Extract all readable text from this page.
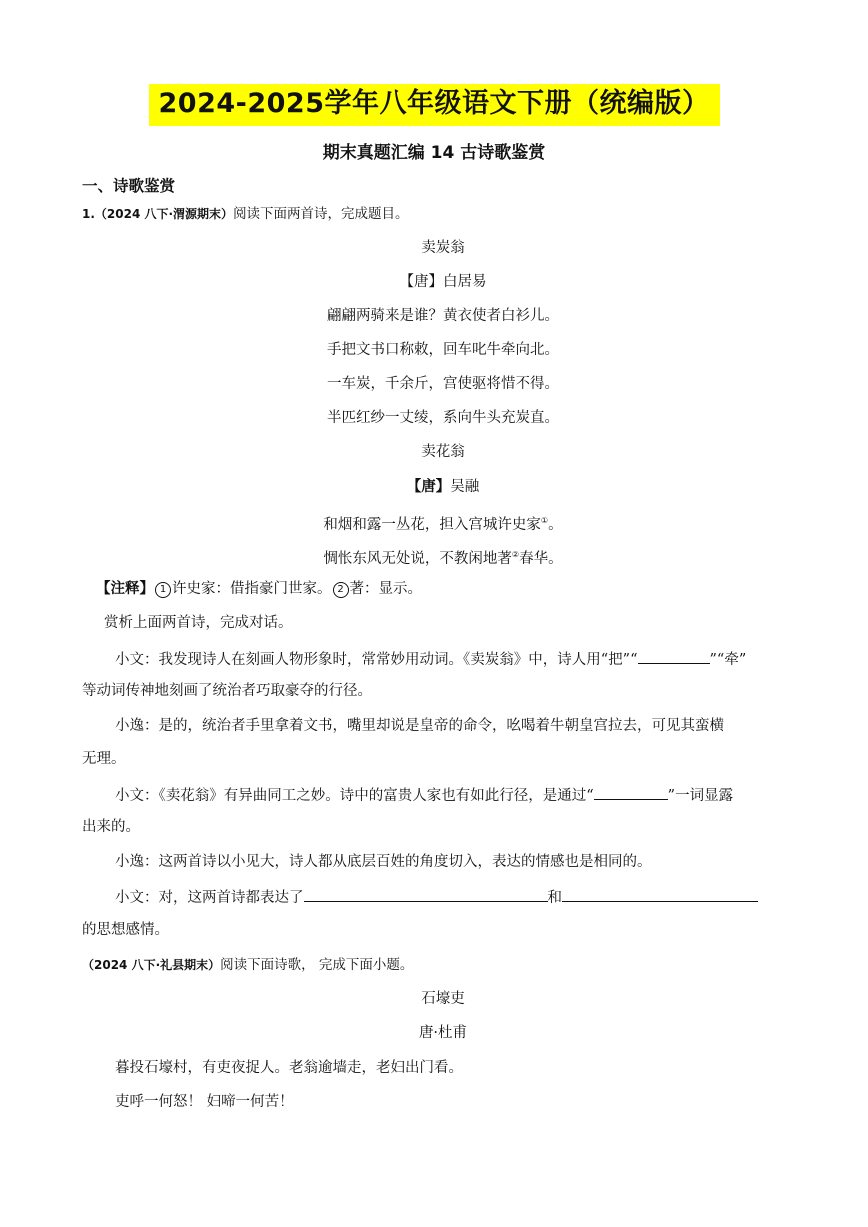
2024-2025学年八年级语文下册（统编版）
期末真题汇编 14 古诗歌鉴赏
一、诗歌鉴赏
1.（2024 八下·渭源期末）阅读下面两首诗，完成题目。
卖炭翁
【唐】白居易
翩翩两骑来是谁？黄衣使者白衫儿。
手把文书口称敕，回车叱牛牵向北。
一车炭，千余斤，宫使驱将惜不得。
半匹红纱一丈绫，系向牛头充炭直。
卖花翁
【唐】吴融
和烟和露一丛花，担入宫城许史家①。
惆怅东风无处说，不教闲地著②春华。
【注释】 1 许史家：借指豪门世家。 2 著：显示。
赏析上面两首诗，完成对话。
小文：我发现诗人在刻画人物形象时，常常妙用动词。《卖炭翁》中，诗人用“把”“	”“牵”
等动词传神地刻画了统治者巧取豪夺的行径。
小逸：是的，统治者手里拿着文书，嘴里却说是皇帝的命令，吆喝着牛朝皇宫拉去，可见其蛮横
无理。
小文：《卖花翁》有异曲同工之妙。诗中的富贵人家也有如此行径，是通过“	”一词显露
出来的。
小逸：这两首诗以小见大，诗人都从底层百姓的角度切入，表达的情感也是相同的。
小文：对，这两首诗都表达了	和
的思想感情。
（2024 八下·礼县期末）阅读下面诗歌， 完成下面小题。
石壕吏
唐·杜甫
暮投石壕村，有吏夜捉人。老翁逾墙走，老妇出门看。
吏呼一何怒！ 妇啼一何苦！
